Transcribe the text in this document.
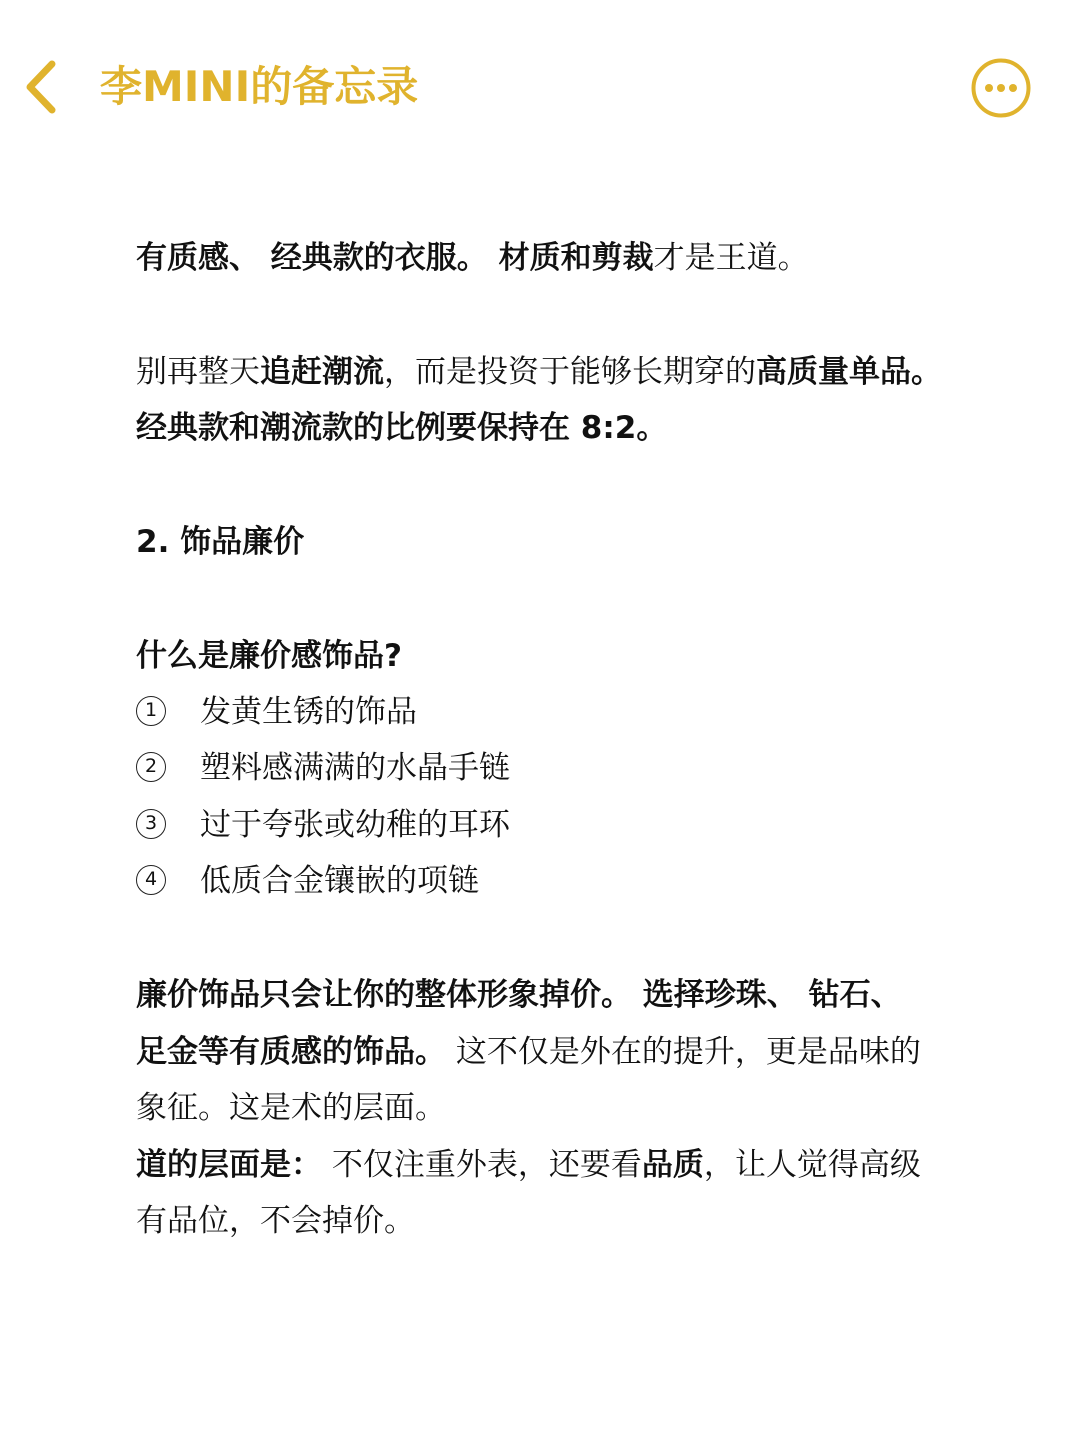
李MINI的备忘录
有质感、 经典款的衣服。 材质和剪裁才是王道。
别再整天追赶潮流，而是投资于能够长期穿的高质量单品。
经典款和潮流款的比例要保持在 8:2。
2. 饰品廉价
什么是廉价感饰品?
1 发黄生锈的饰品
2 塑料感满满的水晶手链
3 过于夸张或幼稚的耳环
4 低质合金镶嵌的项链
廉价饰品只会让你的整体形象掉价。 选择珍珠、 钻石、
足金等有质感的饰品。 这不仅是外在的提升，更是品味的
象征。这是术的层面。
道的层面是： 不仅注重外表，还要看品质，让人觉得高级
有品位，不会掉价。
